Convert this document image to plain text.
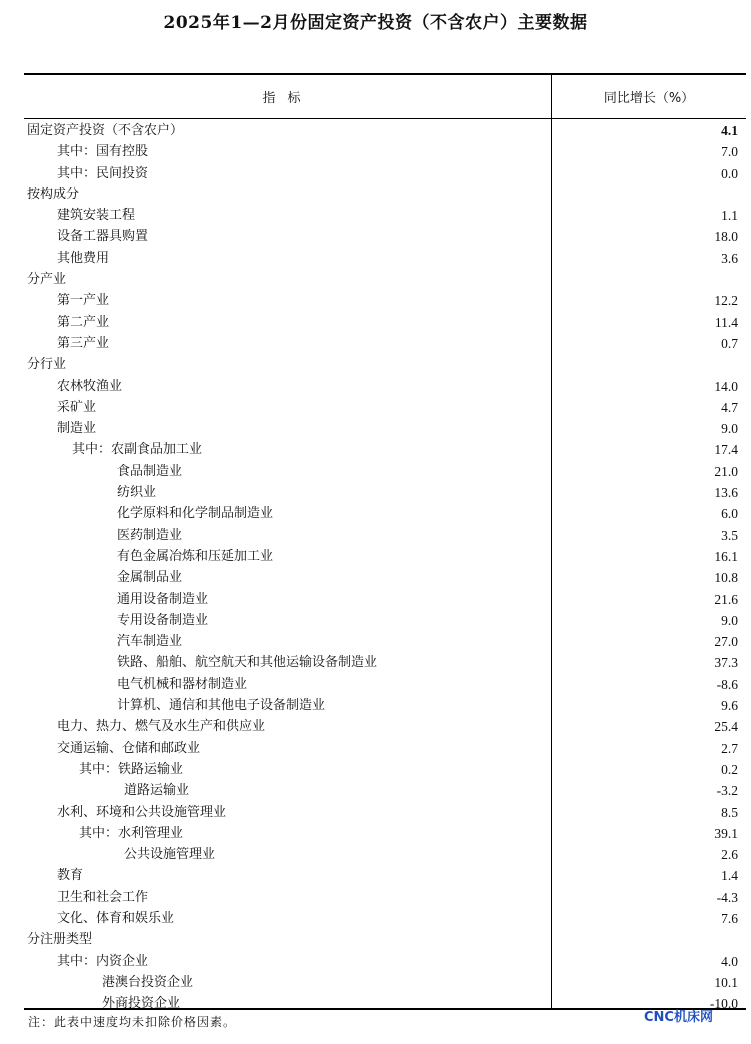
2025年1—2月份固定资产投资（不含农户）主要数据
指标	同比增长（%）
固定资产投资（不含农户）	4.1
其中：国有控股	7.0
其中：民间投资	0.0
按构成分
建筑安装工程	1.1
设备工器具购置	18.0
其他费用	3.6
分产业
第一产业	12.2
第二产业	11.4
第三产业	0.7
分行业
农林牧渔业	14.0
采矿业	4.7
制造业	9.0
其中：农副食品加工业	17.4
食品制造业	21.0
纺织业	13.6
化学原料和化学制品制造业	6.0
医药制造业	3.5
有色金属冶炼和压延加工业	16.1
金属制品业	10.8
通用设备制造业	21.6
专用设备制造业	9.0
汽车制造业	27.0
铁路、船舶、航空航天和其他运输设备制造业	37.3
电气机械和器材制造业	-8.6
计算机、通信和其他电子设备制造业	9.6
电力、热力、燃气及水生产和供应业	25.4
交通运输、仓储和邮政业	2.7
其中：铁路运输业	0.2
道路运输业	-3.2
水利、环境和公共设施管理业	8.5
其中：水利管理业	39.1
公共设施管理业	2.6
教育	1.4
卫生和社会工作	-4.3
文化、体育和娱乐业	7.6
分注册类型
其中：内资企业	4.0
港澳台投资企业	10.1
外商投资企业	-10.0
注：此表中速度均未扣除价格因素。	CNC机床网
